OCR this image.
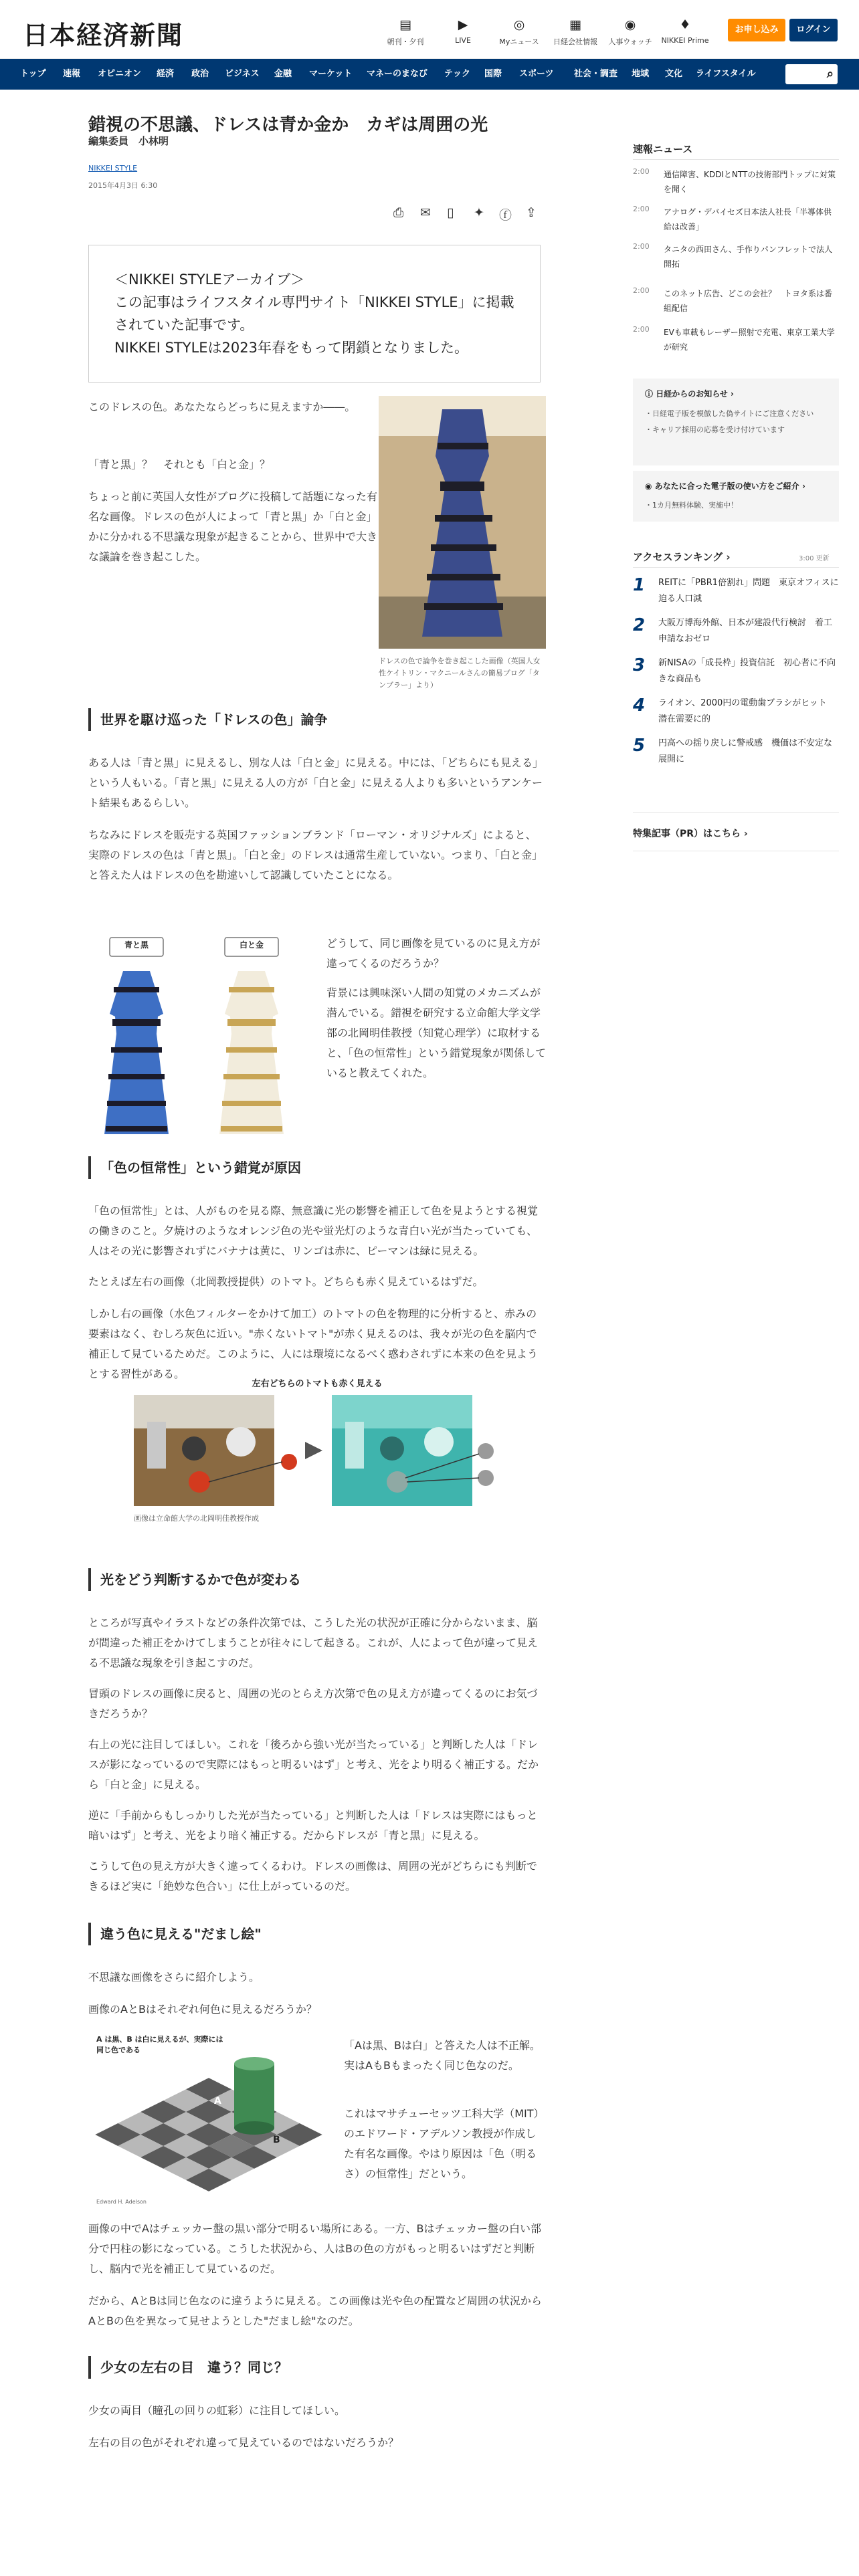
日本経済新聞	▤
朝刊・夕刊
▶
LIVE
◎
Myニュース
▦
日経会社情報
◉
人事ウォッチ
♦
NIKKEI Prime
お申し込み	ログイン
トップ 速報 オピニオン 経済 政治 ビジネス 金融 マーケット マネーのまなび テック 国際 スポーツ 社会・調査 地域 文化 ライフスタイル
記事・キ ⌕
錯視の不思議、ドレスは青か金か　カギは周囲の光
編集委員　小林明
NIKKEI STYLE
2015年4月3日 6:30
⎙ ✉ ▯ ✦ ⓕ ⇪

＜NIKKEI STYLEアーカイブ＞

この記事はライフスタイル専門サイト「NIKKEI STYLE」に掲載されていた記事です。

NIKKEI STYLEは2023年春をもって閉鎖となりました。

このドレスの色。あなたならどっちに見えますか――。
「青と黒」？　それとも「白と金」？
ちょっと前に英国人女性がブログに投稿して話題になった有名な画像。ドレスの色が人によって「青と黒」か「白と金」かに分かれる不思議な現象が起きることから、世界中で大きな議論を巻き起こした。
ドレスの色で論争を巻き起こした画像（英国人女性ケイトリン・マクニールさんの簡易ブログ「タンブラー」より）
世界を駆け巡った「ドレスの色」論争
ある人は「青と黒」に見えるし、別な人は「白と金」に見える。中には、「どちらにも見える」という人もいる。「青と黒」に見える人の方が「白と金」に見える人よりも多いというアンケート結果もあるらしい。
ちなみにドレスを販売する英国ファッションブランド「ローマン・オリジナルズ」によると、実際のドレスの色は「青と黒」。「白と金」のドレスは通常生産していない。つまり、「白と金」と答えた人はドレスの色を勘違いして認識していたことになる。
青と黒	白と金	どうして、同じ画像を見ているのに見え方が違ってくるのだろうか？
背景には興味深い人間の知覚のメカニズムが潜んでいる。錯視を研究する立命館大学文学部の北岡明佳教授（知覚心理学）に取材すると、「色の恒常性」という錯覚現象が関係していると教えてくれた。
「色の恒常性」という錯覚が原因
「色の恒常性」とは、人がものを見る際、無意識に光の影響を補正して色を見ようとする視覚の働きのこと。夕焼けのようなオレンジ色の光や蛍光灯のような青白い光が当たっていても、人はその光に影響されずにバナナは黄に、リンゴは赤に、ピーマンは緑に見える。
たとえば左右の画像（北岡教授提供）のトマト。どちらも赤く見えているはずだ。
しかし右の画像（水色フィルターをかけて加工）のトマトの色を物理的に分析すると、赤みの要素はなく、むしろ灰色に近い。"赤くないトマト"が赤く見えるのは、我々が光の色を脳内で補正して見ているためだ。このように、人には環境になるべく惑わされずに本来の色を見ようとする習性がある。
左右どちらのトマトも赤く見える
画像は立命館大学の北岡明佳教授作成
光をどう判断するかで色が変わる
ところが写真やイラストなどの条件次第では、こうした光の状況が正確に分からないまま、脳が間違った補正をかけてしまうことが往々にして起きる。これが、人によって色が違って見える不思議な現象を引き起こすのだ。
冒頭のドレスの画像に戻ると、周囲の光のとらえ方次第で色の見え方が違ってくるのにお気づきだろうか？
右上の光に注目してほしい。これを「後ろから強い光が当たっている」と判断した人は「ドレスが影になっているので実際にはもっと明るいはず」と考え、光をより明るく補正する。だから「白と金」に見える。
逆に「手前からもしっかりした光が当たっている」と判断した人は「ドレスは実際にはもっと暗いはず」と考え、光をより暗く補正する。だからドレスが「青と黒」に見える。
こうして色の見え方が大きく違ってくるわけ。ドレスの画像は、周囲の光がどちらにも判断できるほど実に「絶妙な色合い」に仕上がっているのだ。
違う色に見える"だまし絵"
不思議な画像をさらに紹介しよう。
画像のAとBはそれぞれ何色に見えるだろうか？
A は黒、B は白に見えるが、実際には同じ色である
A
B
Edward H. Adelson
「Aは黒、Bは白」と答えた人は不正解。実はAもBもまったく同じ色なのだ。
これはマサチューセッツ工科大学（MIT）のエドワード・アデルソン教授が作成した有名な画像。やはり原因は「色（明るさ）の恒常性」だという。
画像の中でAはチェッカー盤の黒い部分で明るい場所にある。一方、Bはチェッカー盤の白い部分で円柱の影になっている。こうした状況から、人はBの色の方がもっと明るいはずだと判断し、脳内で光を補正して見ているのだ。
だから、AとBは同じ色なのに違うように見える。この画像は光や色の配置など周囲の状況からAとBの色を異なって見せようとした"だまし絵"なのだ。
少女の左右の目　違う？同じ？
少女の両目（瞳孔の回りの虹彩）に注目してほしい。
左右の目の色がそれぞれ違って見えているのではないだろうか？
速報ニュース
2:00 通信障害、KDDIとNTTの技術部門トップに対策を聞く
2:00 アナログ・デバイセズ日本法人社長「半導体供給は改善」
2:00 タニタの西田さん、手作りパンフレットで法人開拓
2:00 このネット広告、どこの会社？　トヨタ系は番組配信
2:00 EVも車載もレーザー照射で充電、東京工業大学が研究
ⓘ 日経からのお知らせ ›
・日経電子版を模倣した偽サイトにご注意ください
・キャリア採用の応募を受け付けています
◉ あなたに合った電子版の使い方をご紹介 ›
・1カ月無料体験、実施中！
アクセスランキング ›	3:00 更新
1 REITに「PBR1倍割れ」問題　東京オフィスに迫る人口減
2 大阪万博海外館、日本が建設代行検討　着工申請なおゼロ
3 新NISAの「成長枠」投資信託　初心者に不向きな商品も
4 ライオン、2000円の電動歯ブラシがヒット　潜在需要に的
5 円高への揺り戻しに警戒感　機価は不安定な展開に
特集記事（PR）はこちら ›
